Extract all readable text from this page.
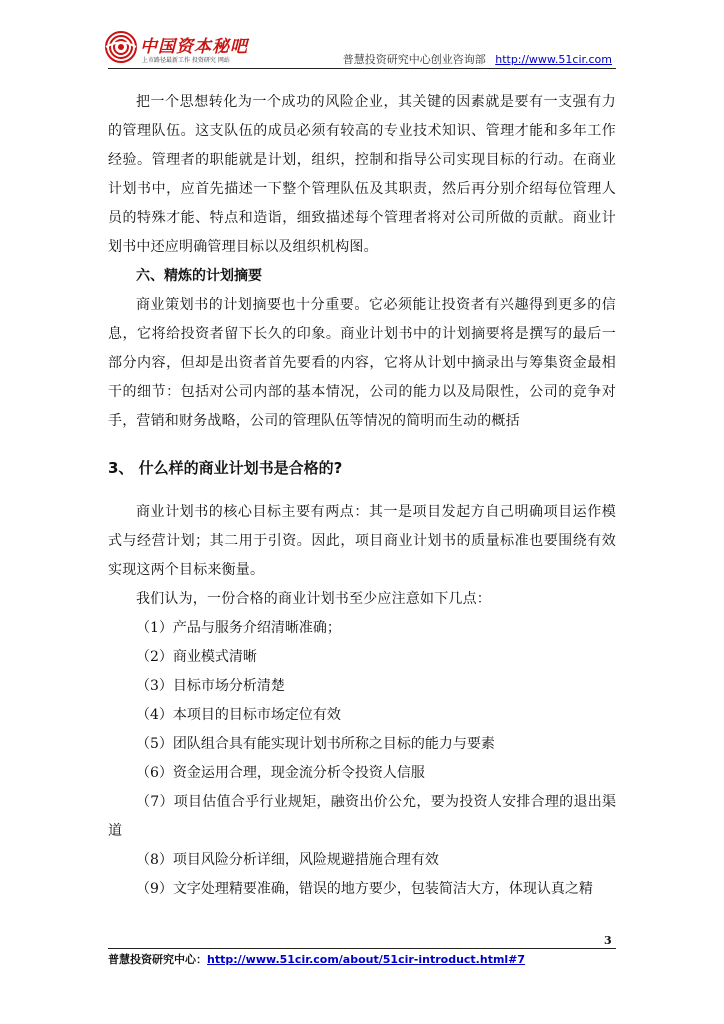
中国资本秘吧
上市路径最新工作 投资研究 网站	普慧投资研究中心创业咨询部 http://www.51cir.com

把一个思想转化为一个成功的风险企业，其关键的因素就是要有一支强有力的管理队伍。这支队伍的成员必须有较高的专业技术知识、管理才能和多年工作经验。管理者的职能就是计划，组织，控制和指导公司实现目标的行动。在商业计划书中，应首先描述一下整个管理队伍及其职责，然后再分别介绍每位管理人员的特殊才能、特点和造诣，细致描述每个管理者将对公司所做的贡献。商业计划书中还应明确管理目标以及组织机构图。

六、精炼的计划摘要

商业策划书的计划摘要也十分重要。它必须能让投资者有兴趣得到更多的信息，它将给投资者留下长久的印象。商业计划书中的计划摘要将是撰写的最后一部分内容，但却是出资者首先要看的内容，它将从计划中摘录出与筹集资金最相干的细节：包括对公司内部的基本情况，公司的能力以及局限性，公司的竞争对手，营销和财务战略，公司的管理队伍等情况的简明而生动的概括

3、 什么样的商业计划书是合格的?

商业计划书的核心目标主要有两点：其一是项目发起方自己明确项目运作模式与经营计划；其二用于引资。因此，项目商业计划书的质量标准也要围绕有效实现这两个目标来衡量。

我们认为，一份合格的商业计划书至少应注意如下几点：

（1）产品与服务介绍清晰准确；
（2）商业模式清晰
（3）目标市场分析清楚
（4）本项目的目标市场定位有效
（5）团队组合具有能实现计划书所称之目标的能力与要素
（6）资金运用合理，现金流分析令投资人信服
（7）项目估值合乎行业规矩，融资出价公允，要为投资人安排合理的退出渠道
（8）项目风险分析详细，风险规避措施合理有效
（9）文字处理精要准确，错误的地方要少，包装简洁大方，体现认真之精
3
普慧投资研究中心：http://www.51cir.com/about/51cir-introduct.html#7
